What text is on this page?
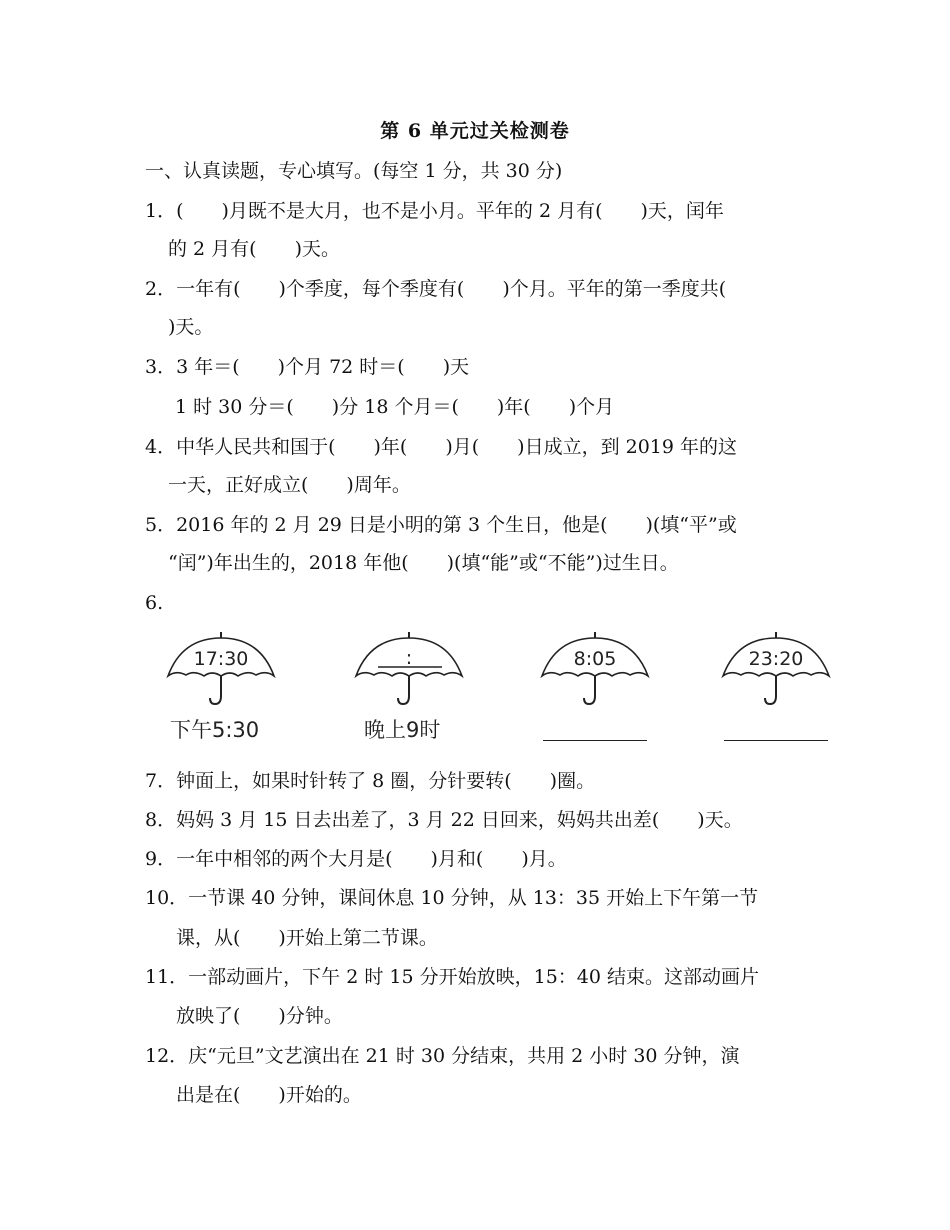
第 6 单元过关检测卷
一、认真读题，专心填写。(每空 1 分，共 30 分)
1．(　　)月既不是大月，也不是小月。平年的 2 月有(　　)天，闰年
的 2 月有(　　)天。
2．一年有(　　)个季度，每个季度有(　　)个月。平年的第一季度共(
)天。
3．3 年＝(　　)个月 72 时＝(　　)天
1 时 30 分＝(　　)分 18 个月＝(　　)年(　　)个月
4．中华人民共和国于(　　)年(　　)月(　　)日成立，到 2019 年的这
一天，正好成立(　　)周年。
5．2016 年的 2 月 29 日是小明的第 3 个生日，他是(　　)(填“平”或
“闰”)年出生的，2018 年他(　　)(填“能”或“不能”)过生日。
6.
17:30	:	8:05	23:20
下午5:30	晚上9时
7．钟面上，如果时针转了 8 圈，分针要转(　　)圈。
8．妈妈 3 月 15 日去出差了，3 月 22 日回来，妈妈共出差(　　)天。
9．一年中相邻的两个大月是(　　)月和(　　)月。
10．一节课 40 分钟，课间休息 10 分钟，从 13：35 开始上下午第一节
课，从(　　)开始上第二节课。
11．一部动画片，下午 2 时 15 分开始放映，15：40 结束。这部动画片
放映了(　　)分钟。
12．庆“元旦”文艺演出在 21 时 30 分结束，共用 2 小时 30 分钟，演
出是在(　　)开始的。
